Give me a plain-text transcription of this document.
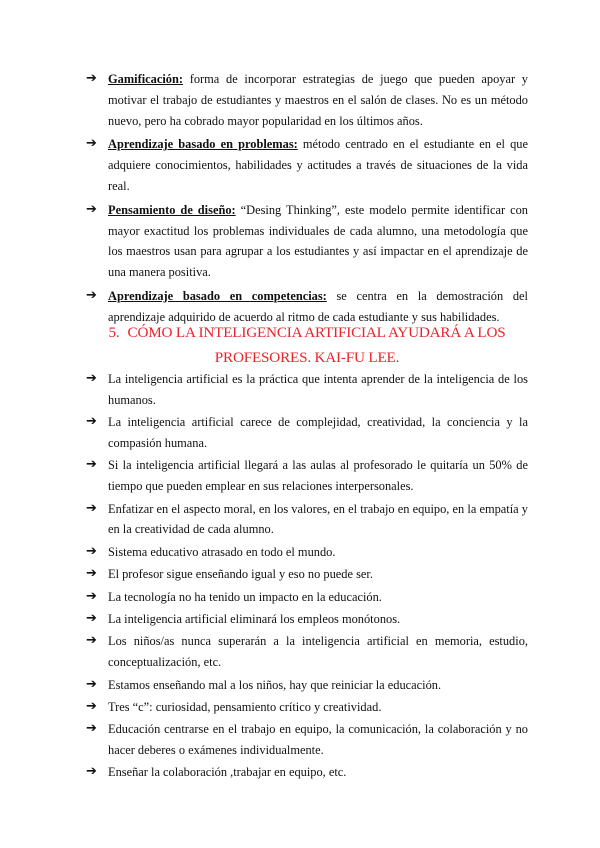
➔ Gamificación: forma de incorporar estrategias de juego que pueden apoyar y motivar el trabajo de estudiantes y maestros en el salón de clases. No es un método nuevo, pero ha cobrado mayor popularidad en los últimos años.
➔ Aprendizaje basado en problemas: método centrado en el estudiante en el que adquiere conocimientos, habilidades y actitudes a través de situaciones de la vida real.
➔ Pensamiento de diseño: “Desing Thinking”, este modelo permite identificar con mayor exactitud los problemas individuales de cada alumno, una metodología que los maestros usan para agrupar a los estudiantes y así impactar en el aprendizaje de una manera positiva.
➔ Aprendizaje basado en competencias: se centra en la demostración del aprendizaje adquirido de acuerdo al ritmo de cada estudiante y sus habilidades.
5. CÓMO LA INTELIGENCIA ARTIFICIAL AYUDARÁ A LOS
PROFESORES. KAI-FU LEE.
➔ La inteligencia artificial es la práctica que intenta aprender de la inteligencia de los humanos.
➔ La inteligencia artificial carece de complejidad, creatividad, la conciencia y la compasión humana.
➔ Si la inteligencia artificial llegará a las aulas al profesorado le quitaría un 50% de tiempo que pueden emplear en sus relaciones interpersonales.
➔ Enfatizar en el aspecto moral, en los valores, en el trabajo en equipo, en la empatía y en la creatividad de cada alumno.
➔ Sistema educativo atrasado en todo el mundo.
➔ El profesor sigue enseñando igual y eso no puede ser.
➔ La tecnología no ha tenido un impacto en la educación.
➔ La inteligencia artificial eliminará los empleos monótonos.
➔ Los niños/as nunca superarán a la inteligencia artificial en memoria, estudio, conceptualización, etc.
➔ Estamos enseñando mal a los niños, hay que reiniciar la educación.
➔ Tres “c”: curiosidad, pensamiento crítico y creatividad.
➔ Educación centrarse en el trabajo en equipo, la comunicación, la colaboración y no hacer deberes o exámenes individualmente.
➔ Enseñar la colaboración ,trabajar en equipo, etc.
